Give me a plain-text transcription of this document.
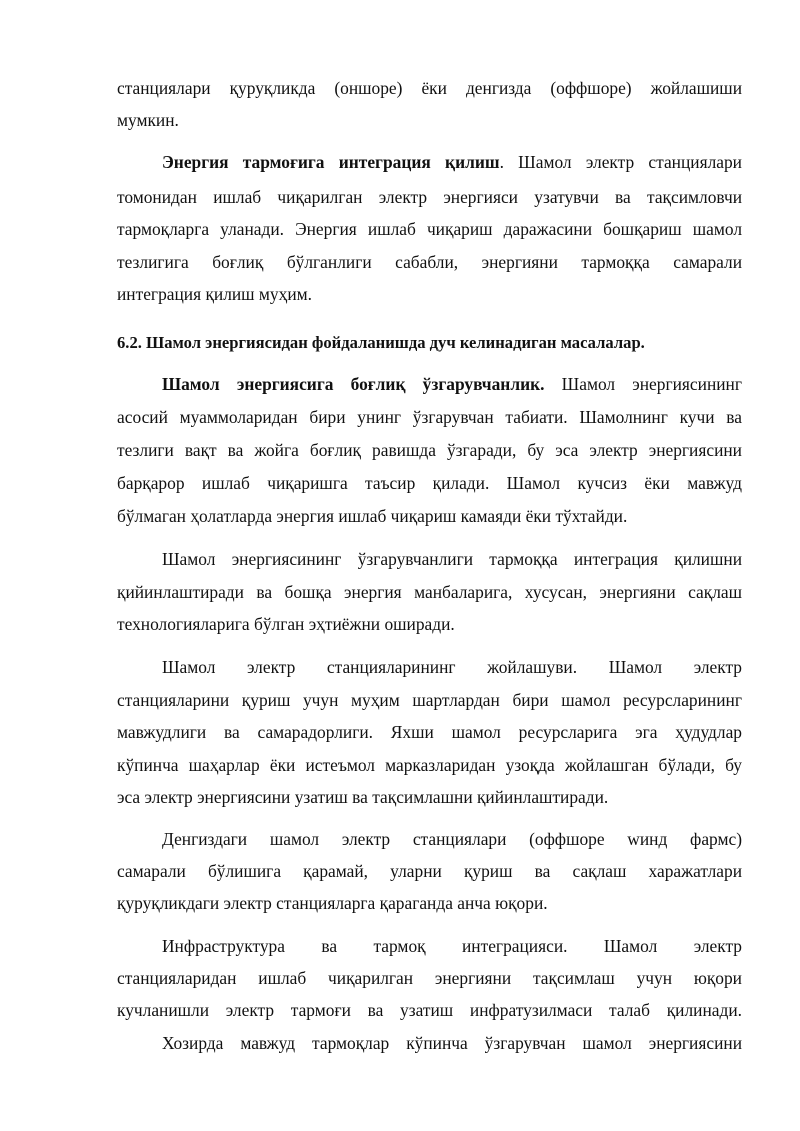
станциялари қуруқликда (оншоре) ёки денгизда (оффшоре) жойлашиши
мумкин.
Энергия тармоғига интеграция қилиш. Шамол электр станциялари
томонидан ишлаб чиқарилган электр энергияси узатувчи ва тақсимловчи
тармоқларга уланади. Энергия ишлаб чиқариш даражасини бошқариш шамол
тезлигига боғлиқ бўлганлиги сабабли, энергияни тармоққа самарали
интеграция қилиш муҳим.
6.2. Шамол энергиясидан фойдаланишда дуч келинадиган масалалар.
Шамол энергиясига боғлиқ ўзгарувчанлик. Шамол энергиясининг
асосий муаммоларидан бири унинг ўзгарувчан табиати. Шамолнинг кучи ва
тезлиги вақт ва жойга боғлиқ равишда ўзгаради, бу эса электр энергиясини
барқарор ишлаб чиқаришга таъсир қилади. Шамол кучсиз ёки мавжуд
бўлмаган ҳолатларда энергия ишлаб чиқариш камаяди ёки тўхтайди.
Шамол энергиясининг ўзгарувчанлиги тармоққа интеграция қилишни
қийинлаштиради ва бошқа энергия манбаларига, хусусан, энергияни сақлаш
технологияларига бўлган эҳтиёжни оширади.
Шамол электр станцияларининг жойлашуви. Шамол электр
станцияларини қуриш учун муҳим шартлардан бири шамол ресурсларининг
мавжудлиги ва самарадорлиги. Яхши шамол ресурсларига эга ҳудудлар
кўпинча шаҳарлар ёки истеъмол марказларидан узоқда жойлашган бўлади, бу
эса электр энергиясини узатиш ва тақсимлашни қийинлаштиради.
Денгиздаги шамол электр станциялари (оффшоре wинд фармс)
самарали бўлишига қарамай, уларни қуриш ва сақлаш харажатлари
қуруқликдаги электр станцияларга қараганда анча юқори.
Инфраструктура ва тармоқ интеграцияси. Шамол электр
станцияларидан ишлаб чиқарилган энергияни тақсимлаш учун юқори
кучланишли электр тармоғи ва узатиш инфратузилмаси талаб қилинади.
Хозирда мавжуд тармоқлар кўпинча ўзгарувчан шамол энергиясини
